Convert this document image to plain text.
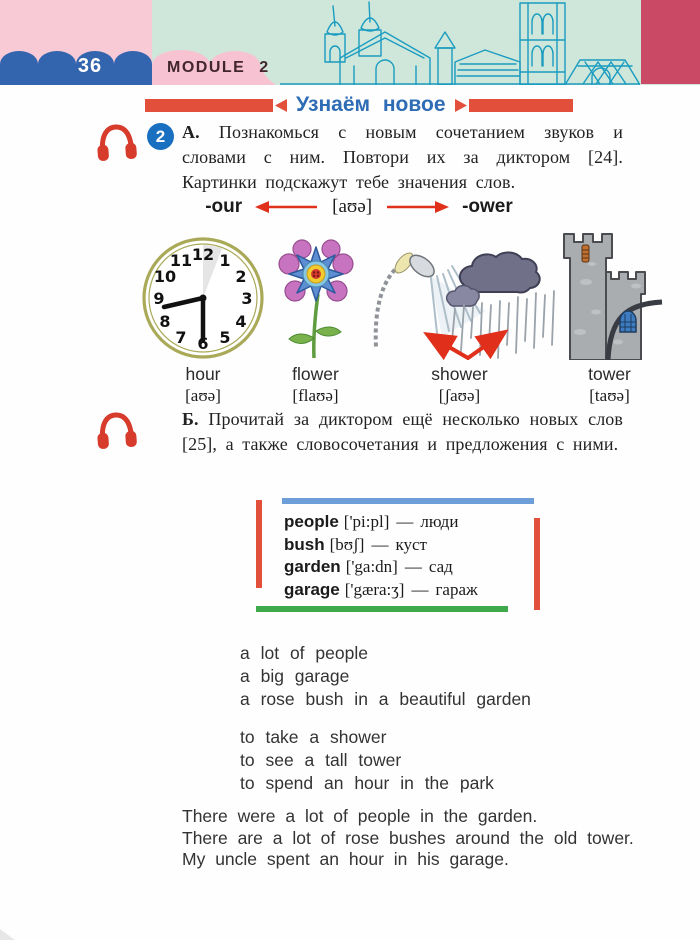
36	MODULE 2
Узнаём новое
2 А. Познакомься с новым сочетанием звуков и словами с ним. Повтори их за диктором [24]. Картинки подскажут тебе значения слов.

-our	[aʊə]	-ower
12 1
2
3
4
5
6
7
8
9
10
11
hour
[aʊə]
flower
[flaʊə]
shower
[ʃaʊə]
tower
[taʊə]

Б. Прочитай за диктором ещё несколько новых слов [25], а также словосочетания и предложения с ними.

people ['pi:pl] — люди
bush [bʊʃ] — куст
garden ['ga:dn] — сад
garage ['gæra:ʒ] — гараж
a lot of people
a big garage
a rose bush in a beautiful garden
to take a shower
to see a tall tower
to spend an hour in the park
There were a lot of people in the garden.
There are a lot of rose bushes around the old tower.
My uncle spent an hour in his garage.
